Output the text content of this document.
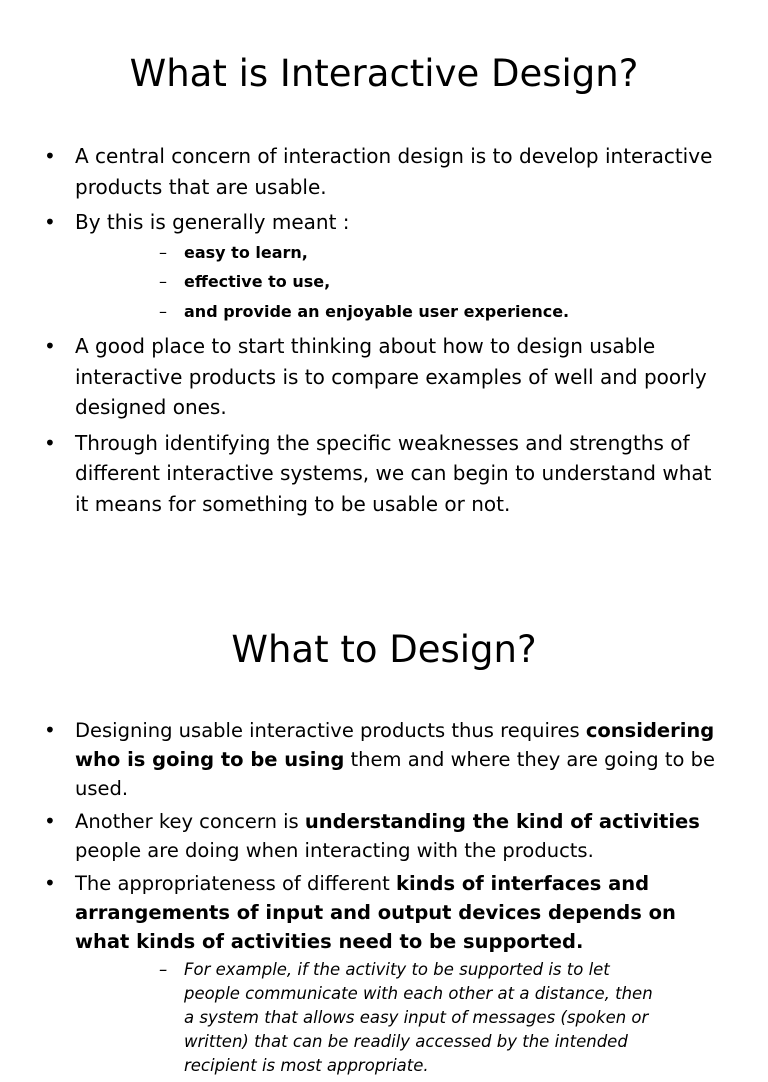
What is Interactive Design?
• A central concern of interaction design is to develop interactive products that are usable.
• By this is generally meant :
– easy to learn,
– effective to use,
– and provide an enjoyable user experience.
• A good place to start thinking about how to design usable interactive products is to compare examples of well and poorly designed ones.
• Through identifying the specific weaknesses and strengths of different interactive systems, we can begin to understand what it means for something to be usable or not.
What to Design?
• Designing usable interactive products thus requires considering who is going to be using them and where they are going to be used.
• Another key concern is understanding the kind of activities people are doing when interacting with the products.
• The appropriateness of different kinds of interfaces and arrangements of input and output devices depends on what kinds of activities need to be supported.
– For example, if the activity to be supported is to let people communicate with each other at a distance, then a system that allows easy input of messages (spoken or written) that can be readily accessed by the intended recipient is most appropriate.
